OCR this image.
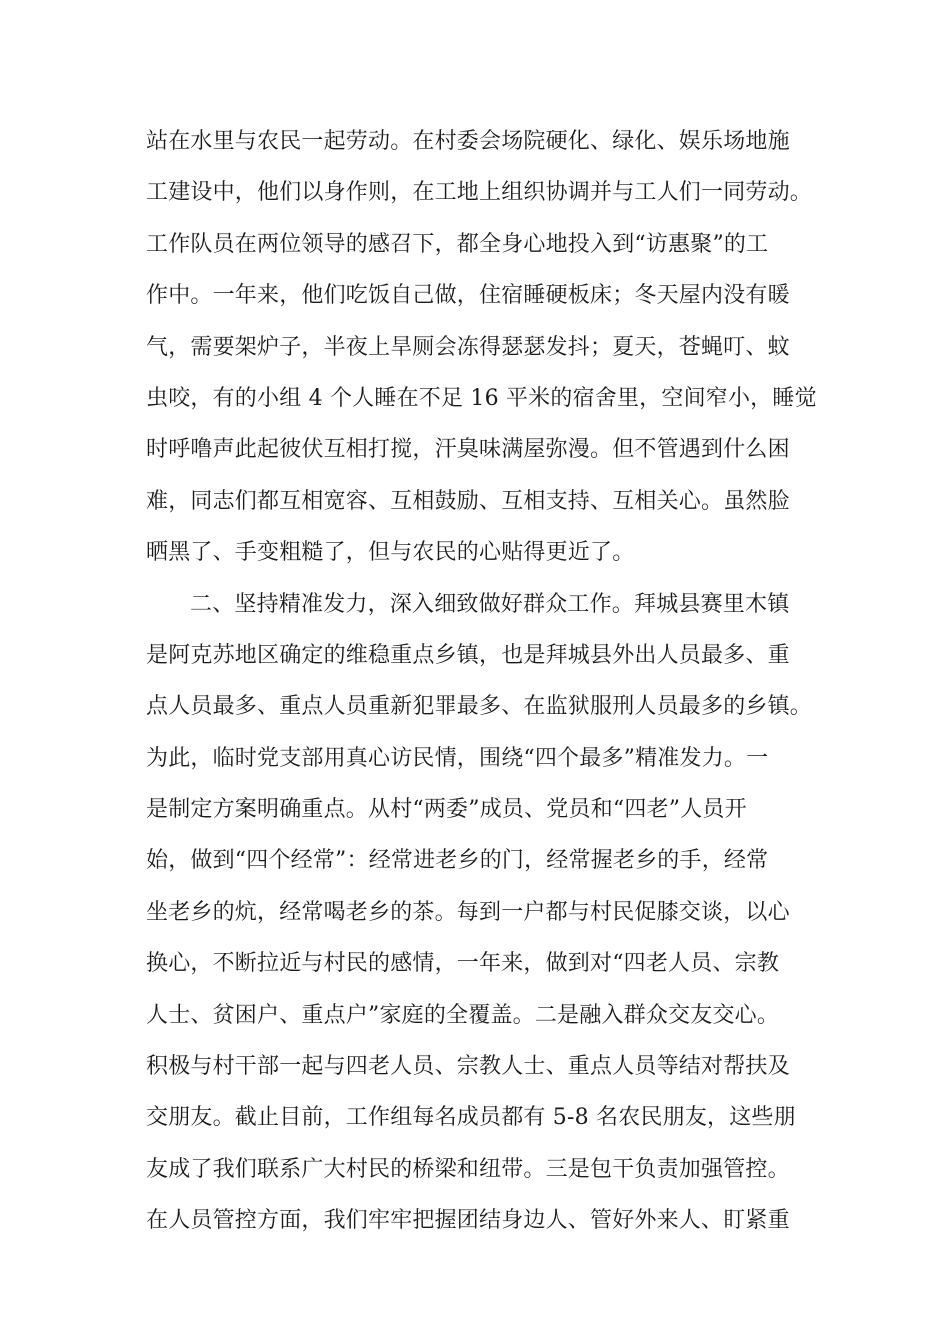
站在水里与农民一起劳动。在村委会场院硬化、绿化、娱乐场地施
工建设中，他们以身作则，在工地上组织协调并与工人们一同劳动。
工作队员在两位领导的感召下，都全身心地投入到“访惠聚”的工
作中。一年来，他们吃饭自己做，住宿睡硬板床；冬天屋内没有暖
气，需要架炉子，半夜上旱厕会冻得瑟瑟发抖；夏天，苍蝇叮、蚊
虫咬，有的小组 4 个人睡在不足 16 平米的宿舍里，空间窄小，睡觉
时呼噜声此起彼伏互相打搅，汗臭味满屋弥漫。但不管遇到什么困
难，同志们都互相宽容、互相鼓励、互相支持、互相关心。虽然脸
晒黑了、手变粗糙了，但与农民的心贴得更近了。
二、坚持精准发力，深入细致做好群众工作。拜城县赛里木镇
是阿克苏地区确定的维稳重点乡镇，也是拜城县外出人员最多、重
点人员最多、重点人员重新犯罪最多、在监狱服刑人员最多的乡镇。
为此，临时党支部用真心访民情，围绕“四个最多”精准发力。一
是制定方案明确重点。从村“两委”成员、党员和“四老”人员开
始，做到“四个经常”：经常进老乡的门，经常握老乡的手，经常
坐老乡的炕，经常喝老乡的茶。每到一户都与村民促膝交谈，以心
换心，不断拉近与村民的感情，一年来，做到对“四老人员、宗教
人士、贫困户、重点户”家庭的全覆盖。二是融入群众交友交心。
积极与村干部一起与四老人员、宗教人士、重点人员等结对帮扶及
交朋友。截止目前，工作组每名成员都有 5-8 名农民朋友，这些朋
友成了我们联系广大村民的桥梁和纽带。三是包干负责加强管控。
在人员管控方面，我们牢牢把握团结身边人、管好外来人、盯紧重
